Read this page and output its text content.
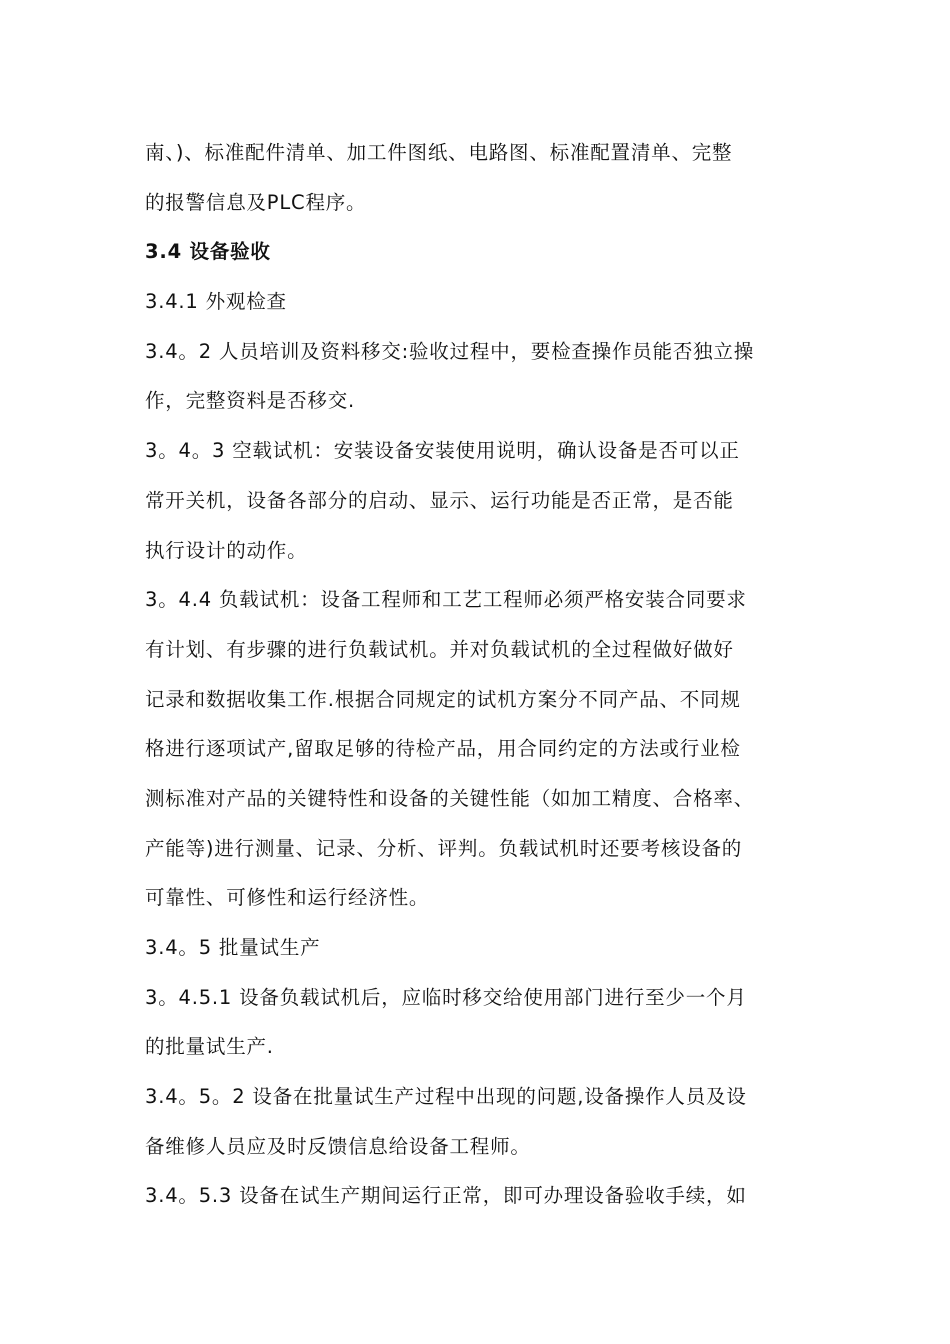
南、)、标准配件清单、加工件图纸、电路图、标准配置清单、完整
的报警信息及PLC程序。
3.4 设备验收
3.4.1 外观检查
3.4。2 人员培训及资料移交:验收过程中，要检查操作员能否独立操
作，完整资料是否移交.
3。4。3 空载试机：安装设备安装使用说明，确认设备是否可以正
常开关机，设备各部分的启动、显示、运行功能是否正常，是否能
执行设计的动作。
3。4.4 负载试机：设备工程师和工艺工程师必须严格安装合同要求
有计划、有步骤的进行负载试机。并对负载试机的全过程做好做好
记录和数据收集工作.根据合同规定的试机方案分不同产品、不同规
格进行逐项试产,留取足够的待检产品，用合同约定的方法或行业检
测标准对产品的关键特性和设备的关键性能（如加工精度、合格率、
产能等)进行测量、记录、分析、评判。负载试机时还要考核设备的
可靠性、可修性和运行经济性。
3.4。5 批量试生产
3。4.5.1 设备负载试机后，应临时移交给使用部门进行至少一个月
的批量试生产.
3.4。5。2 设备在批量试生产过程中出现的问题,设备操作人员及设
备维修人员应及时反馈信息给设备工程师。
3.4。5.3 设备在试生产期间运行正常，即可办理设备验收手续，如
